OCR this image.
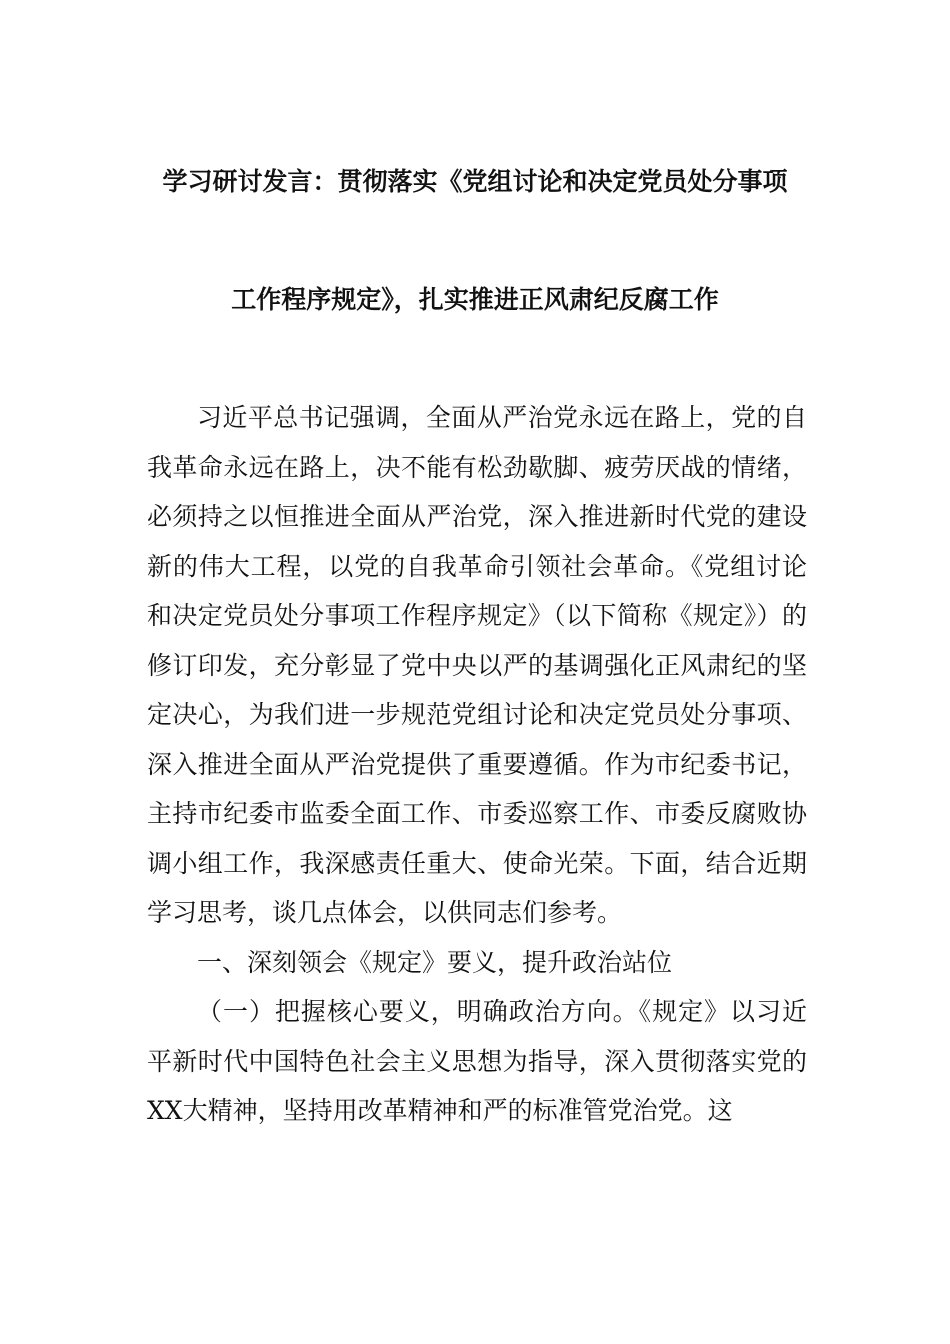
学习研讨发言：贯彻落实《党组讨论和决定党员处分事项
工作程序规定》，扎实推进正风肃纪反腐工作

习近平总书记强调，全面从严治党永远在路上，党的自我革命永远在路上，决不能有松劲歇脚、疲劳厌战的情绪，必须持之以恒推进全面从严治党，深入推进新时代党的建设新的伟大工程，以党的自我革命引领社会革命。《党组讨论和决定党员处分事项工作程序规定》（以下简称《规定》）的修订印发，充分彰显了党中央以严的基调强化正风肃纪的坚定决心，为我们进一步规范党组讨论和决定党员处分事项、深入推进全面从严治党提供了重要遵循。作为市纪委书记，主持市纪委市监委全面工作、市委巡察工作、市委反腐败协调小组工作，我深感责任重大、使命光荣。下面，结合近期学习思考，谈几点体会，以供同志们参考。

一、深刻领会《规定》要义，提升政治站位

（一）把握核心要义，明确政治方向。《规定》以习近平新时代中国特色社会主义思想为指导，深入贯彻落实党的XX大精神，坚持用改革精神和严的标准管党治党。这
